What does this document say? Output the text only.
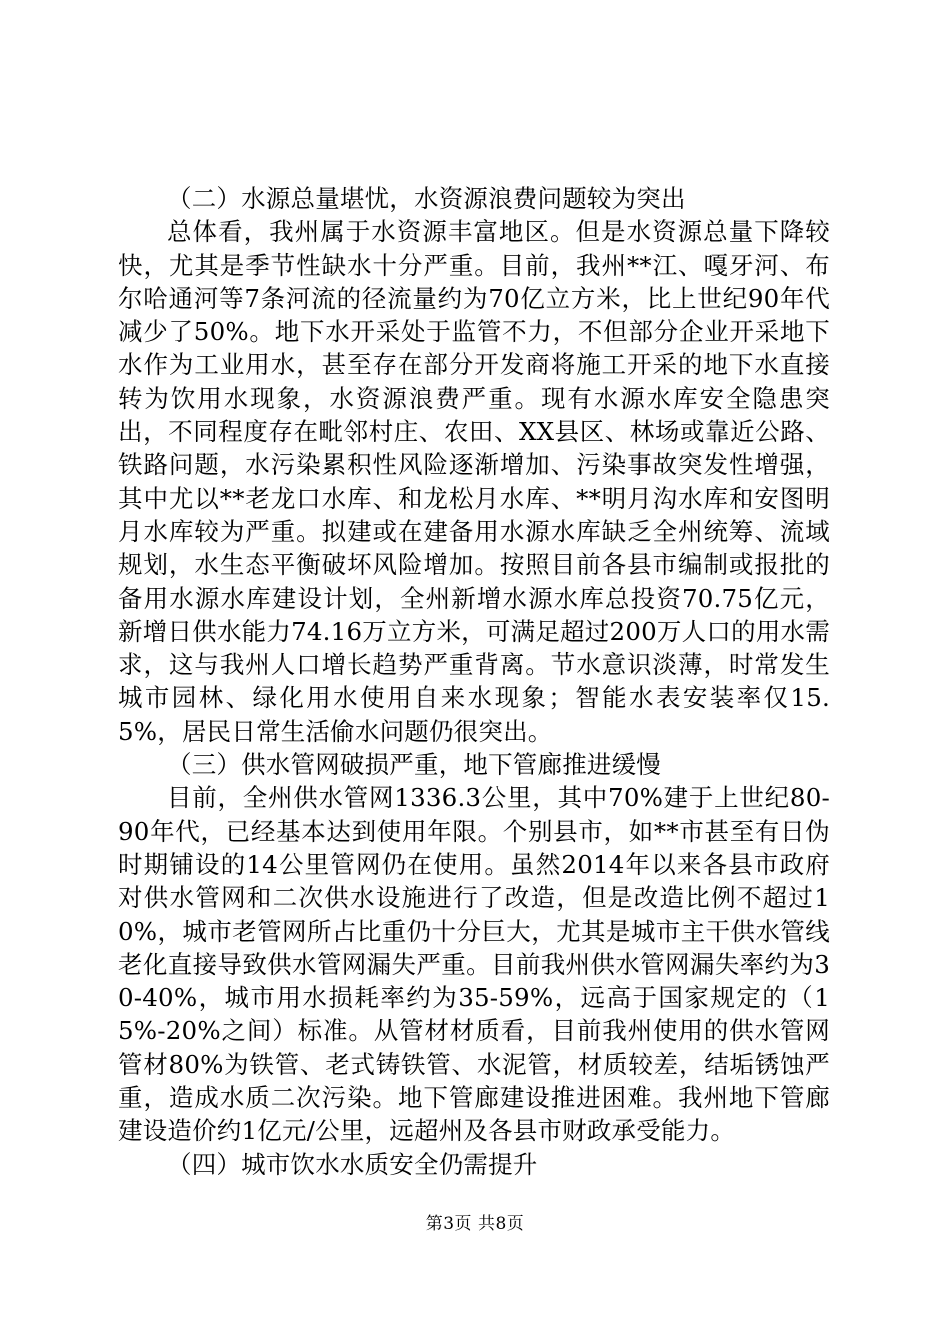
（二）水源总量堪忧，水资源浪费问题较为突出

总体看，我州属于水资源丰富地区。但是水资源总量下降较快，尤其是季节性缺水十分严重。目前，我州**江、嘎牙河、布尔哈通河等7条河流的径流量约为70亿立方米，比上世纪90年代减少了50%。地下水开采处于监管不力，不但部分企业开采地下水作为工业用水，甚至存在部分开发商将施工开采的地下水直接转为饮用水现象，水资源浪费严重。现有水源水库安全隐患突出，不同程度存在毗邻村庄、农田、XX县区、林场或靠近公路、铁路问题，水污染累积性风险逐渐增加、污染事故突发性增强，其中尤以**老龙口水库、和龙松月水库、**明月沟水库和安图明月水库较为严重。拟建或在建备用水源水库缺乏全州统筹、流域规划，水生态平衡破坏风险增加。按照目前各县市编制或报批的备用水源水库建设计划，全州新增水源水库总投资70.75亿元，新增日供水能力74.16万立方米，可满足超过200万人口的用水需求，这与我州人口增长趋势严重背离。节水意识淡薄，时常发生城市园林、绿化用水使用自来水现象；智能水表安装率仅15.5%，居民日常生活偷水问题仍很突出。

（三）供水管网破损严重，地下管廊推进缓慢

目前，全州供水管网1336.3公里，其中70%建于上世纪80-90年代，已经基本达到使用年限。个别县市，如**市甚至有日伪时期铺设的14公里管网仍在使用。虽然2014年以来各县市政府对供水管网和二次供水设施进行了改造，但是改造比例不超过10%，城市老管网所占比重仍十分巨大，尤其是城市主干供水管线老化直接导致供水管网漏失严重。目前我州供水管网漏失率约为30-40%，城市用水损耗率约为35-59%，远高于国家规定的（15%-20%之间）标准。从管材材质看，目前我州使用的供水管网管材80%为铁管、老式铸铁管、水泥管，材质较差，结垢锈蚀严重，造成水质二次污染。地下管廊建设推进困难。我州地下管廊建设造价约1亿元/公里，远超州及各县市财政承受能力。

（四）城市饮水水质安全仍需提升

第3页 共8页
